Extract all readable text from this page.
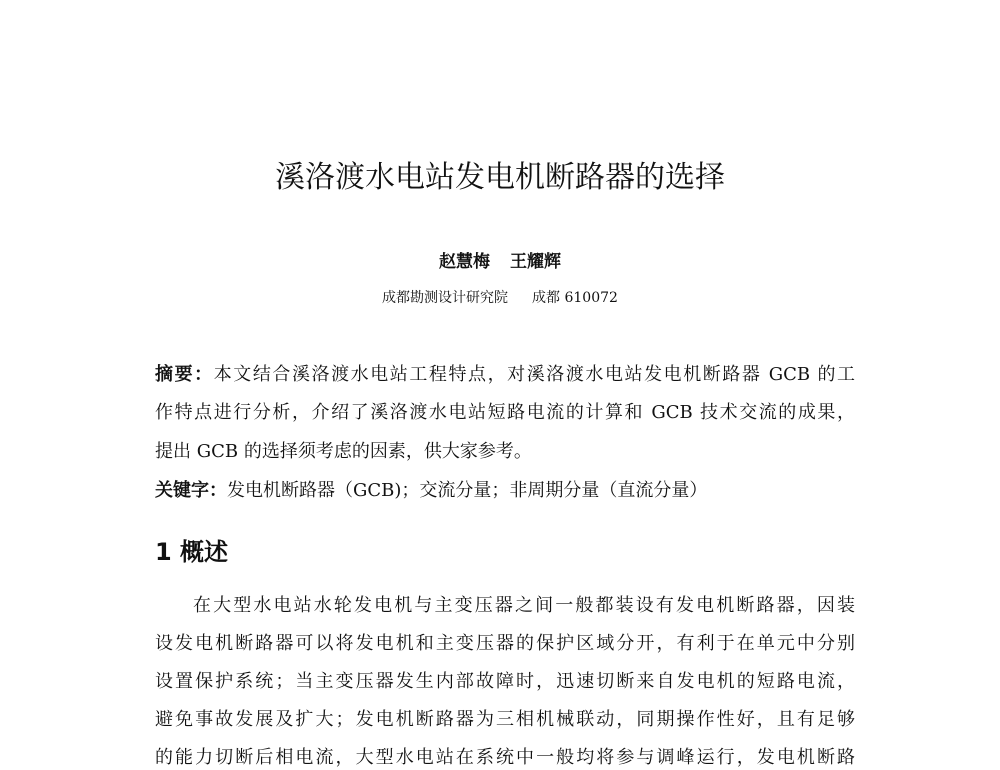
溪洛渡水电站发电机断路器的选择
赵慧梅 王耀辉
成都勘测设计研究院 成都 610072
摘要：本文结合溪洛渡水电站工程特点，对溪洛渡水电站发电机断路器 GCB 的工
作特点进行分析，介绍了溪洛渡水电站短路电流的计算和 GCB 技术交流的成果，
提出 GCB 的选择须考虑的因素，供大家参考。
关键字：发电机断路器（GCB)；交流分量；非周期分量（直流分量）
1 概述
在大型水电站水轮发电机与主变压器之间一般都装设有发电机断路器，因装
设发电机断路器可以将发电机和主变压器的保护区域分开，有利于在单元中分别
设置保护系统；当主变压器发生内部故障时，迅速切断来自发电机的短路电流，
避免事故发展及扩大；发电机断路器为三相机械联动，同期操作性好，且有足够
的能力切断后相电流，大型水电站在系统中一般均将参与调峰运行，发电机断路
